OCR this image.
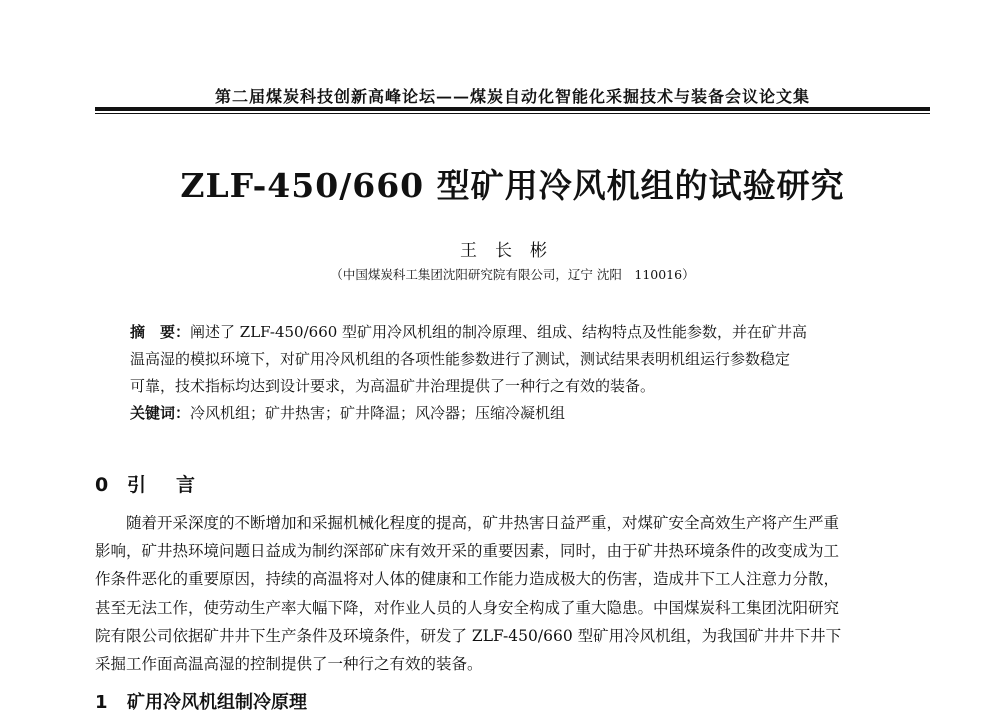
第二届煤炭科技创新高峰论坛——煤炭自动化智能化采掘技术与装备会议论文集
ZLF-450/660 型矿用冷风机组的试验研究
王长彬
（中国煤炭科工集团沈阳研究院有限公司，辽宁 沈阳　110016）
摘　要：阐述了 ZLF-450/660 型矿用冷风机组的制冷原理、组成、结构特点及性能参数，并在矿井高
温高湿的模拟环境下，对矿用冷风机组的各项性能参数进行了测试，测试结果表明机组运行参数稳定
可靠，技术指标均达到设计要求，为高温矿井治理提供了一种行之有效的装备。
关键词：冷风机组；矿井热害；矿井降温；风冷器；压缩冷凝机组
0 引言
随着开采深度的不断增加和采掘机械化程度的提高，矿井热害日益严重，对煤矿安全高效生产将产生严重
影响，矿井热环境问题日益成为制约深部矿床有效开采的重要因素，同时，由于矿井热环境条件的改变成为工
作条件恶化的重要原因，持续的高温将对人体的健康和工作能力造成极大的伤害，造成井下工人注意力分散，
甚至无法工作，使劳动生产率大幅下降，对作业人员的人身安全构成了重大隐患。中国煤炭科工集团沈阳研究
院有限公司依据矿井井下生产条件及环境条件，研发了 ZLF-450/660 型矿用冷风机组，为我国矿井井下井下
采掘工作面高温高湿的控制提供了一种行之有效的装备。
1 矿用冷风机组制冷原理
